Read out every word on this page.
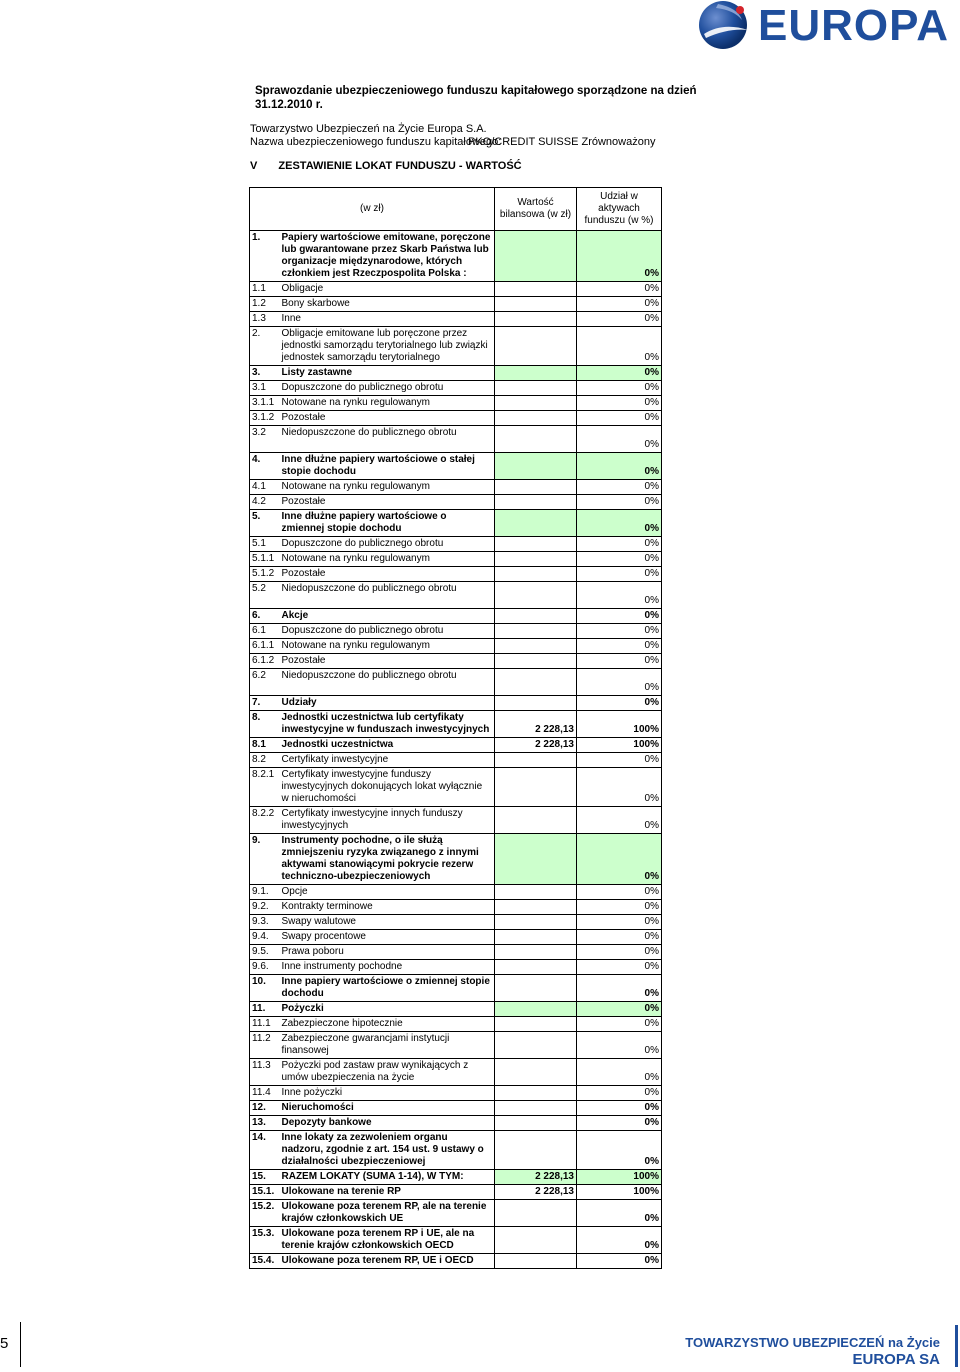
EUROPA
Sprawozdanie ubezpieczeniowego funduszu kapitałowego sporządzone na dzień 31.12.2010 r.
Towarzystwo Ubezpieczeń na Życie Europa S.A.
Nazwa ubezpieczeniowego funduszu kapitałowego:
PKO/CREDIT SUISSE Zrównoważony
V ZESTAWIENIE LOKAT FUNDUSZU - WARTOŚĆ
(w zł)		Wartość bilansowa (w zł)	Udział w aktywach funduszu (w %)
1.	Papiery wartościowe emitowane, poręczone lub gwarantowane przez Skarb Państwa lub organizacje międzynarodowe, których członkiem jest Rzeczpospolita Polska :		0%
1.1	Obligacje		0%
1.2	Bony skarbowe		0%
1.3	Inne		0%
2.	Obligacje emitowane lub poręczone przez jednostki samorządu terytorialnego lub związki jednostek samorządu terytorialnego		0%
3.	Listy zastawne		0%
3.1	Dopuszczone do publicznego obrotu		0%
3.1.1	Notowane na rynku regulowanym		0%
3.1.2	Pozostałe		0%
3.2	Niedopuszczone do publicznego obrotu		0%
4.	Inne dłużne papiery wartościowe o stałej stopie dochodu		0%
4.1	Notowane na rynku regulowanym		0%
4.2	Pozostałe		0%
5.	Inne dłużne papiery wartościowe o zmiennej stopie dochodu		0%
5.1	Dopuszczone do publicznego obrotu		0%
5.1.1	Notowane na rynku regulowanym		0%
5.1.2	Pozostałe		0%
5.2	Niedopuszczone do publicznego obrotu		0%
6.	Akcje		0%
6.1	Dopuszczone do publicznego obrotu		0%
6.1.1	Notowane na rynku regulowanym		0%
6.1.2	Pozostałe		0%
6.2	Niedopuszczone do publicznego obrotu		0%
7.	Udziały		0%
8.	Jednostki uczestnictwa lub certyfikaty inwestycyjne w funduszach inwestycyjnych	2 228,13	100%
8.1	Jednostki uczestnictwa	2 228,13	100%
8.2	Certyfikaty inwestycyjne		0%
8.2.1	Certyfikaty inwestycyjne funduszy inwestycyjnych dokonujących lokat wyłącznie w nieruchomości		0%
8.2.2	Certyfikaty inwestycyjne innych funduszy inwestycyjnych		0%
9.	Instrumenty pochodne, o ile służą zmniejszeniu ryzyka związanego z innymi aktywami stanowiącymi pokrycie rezerw techniczno-ubezpieczeniowych		0%
9.1.	Opcje		0%
9.2.	Kontrakty terminowe		0%
9.3.	Swapy walutowe		0%
9.4.	Swapy procentowe		0%
9.5.	Prawa poboru		0%
9.6.	Inne instrumenty pochodne		0%
10.	Inne papiery wartościowe o zmiennej stopie dochodu		0%
11.	Pożyczki		0%
11.1	Zabezpieczone hipotecznie		0%
11.2	Zabezpieczone gwarancjami instytucji finansowej		0%
11.3	Pożyczki pod zastaw praw wynikających z umów ubezpieczenia na życie		0%
11.4	Inne pożyczki		0%
12.	Nieruchomości		0%
13.	Depozyty bankowe		0%
14.	Inne lokaty za zezwoleniem organu nadzoru, zgodnie z art. 154 ust. 9 ustawy o działalności ubezpieczeniowej		0%
15.	RAZEM LOKATY (SUMA 1-14), W TYM:	2 228,13	100%
15.1.	Ulokowane na terenie RP	2 228,13	100%
15.2.	Ulokowane poza terenem RP, ale na terenie krajów członkowskich UE		0%
15.3.	Ulokowane poza terenem RP i UE, ale na terenie krajów członkowskich OECD		0%
15.4.	Ulokowane poza terenem RP, UE i OECD		0%
5	TOWARZYSTWO UBEZPIECZEŃ na Życie
EUROPA SA
